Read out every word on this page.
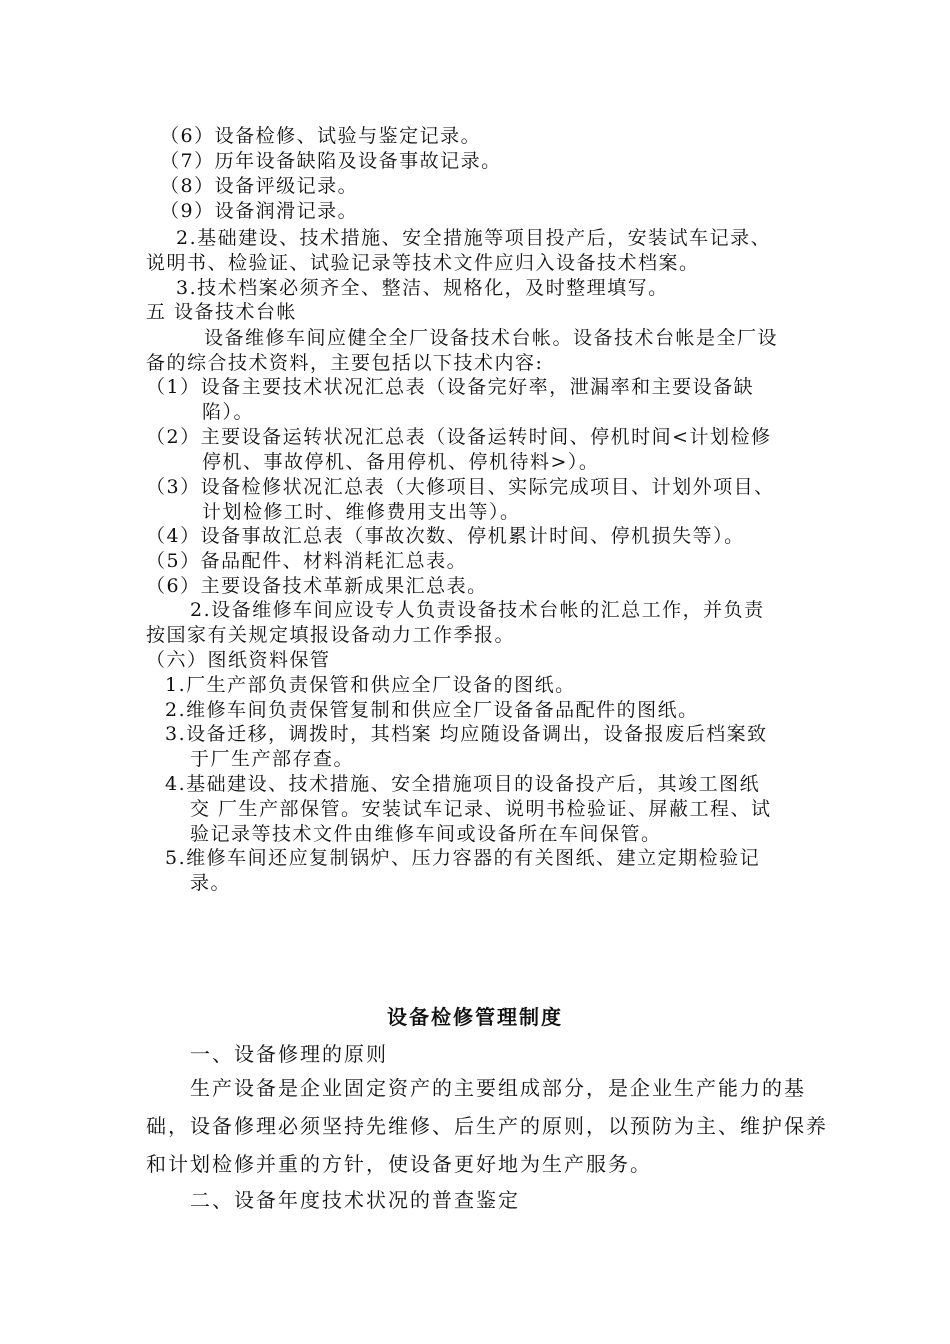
（6）设备检修、试验与鉴定记录。
（7）历年设备缺陷及设备事故记录。
（8）设备评级记录。
（9）设备润滑记录。
2.基础建设、技术措施、安全措施等项目投产后，安装试车记录、
说明书、检验证、试验记录等技术文件应归入设备技术档案。
3.技术档案必须齐全、整洁、规格化，及时整理填写。
五 设备技术台帐
设备维修车间应健全全厂设备技术台帐。设备技术台帐是全厂设
备的综合技术资料，主要包括以下技术内容:
（1）设备主要技术状况汇总表（设备完好率，泄漏率和主要设备缺
陷）。
（2）主要设备运转状况汇总表（设备运转时间、停机时间<计划检修
停机、事故停机、备用停机、停机待料>）。
（3）设备检修状况汇总表（大修项目、实际完成项目、计划外项目、
计划检修工时、维修费用支出等）。
（4）设备事故汇总表（事故次数、停机累计时间、停机损失等）。
（5）备品配件、材料消耗汇总表。
（6）主要设备技术革新成果汇总表。
2.设备维修车间应设专人负责设备技术台帐的汇总工作，并负责
按国家有关规定填报设备动力工作季报。
（六）图纸资料保管
1.厂生产部负责保管和供应全厂设备的图纸。
2.维修车间负责保管复制和供应全厂设备备品配件的图纸。
3.设备迁移，调拨时，其档案 均应随设备调出，设备报废后档案致
于厂生产部存查。
4.基础建设、技术措施、安全措施项目的设备投产后，其竣工图纸
交 厂生产部保管。安装试车记录、说明书检验证、屏蔽工程、试
验记录等技术文件由维修车间或设备所在车间保管。
5.维修车间还应复制锅炉、压力容器的有关图纸、建立定期检验记
录。
设备检修管理制度
一、设备修理的原则
生产设备是企业固定资产的主要组成部分，是企业生产能力的基
础，设备修理必须坚持先维修、后生产的原则，以预防为主、维护保养
和计划检修并重的方针，使设备更好地为生产服务。
二、设备年度技术状况的普查鉴定
